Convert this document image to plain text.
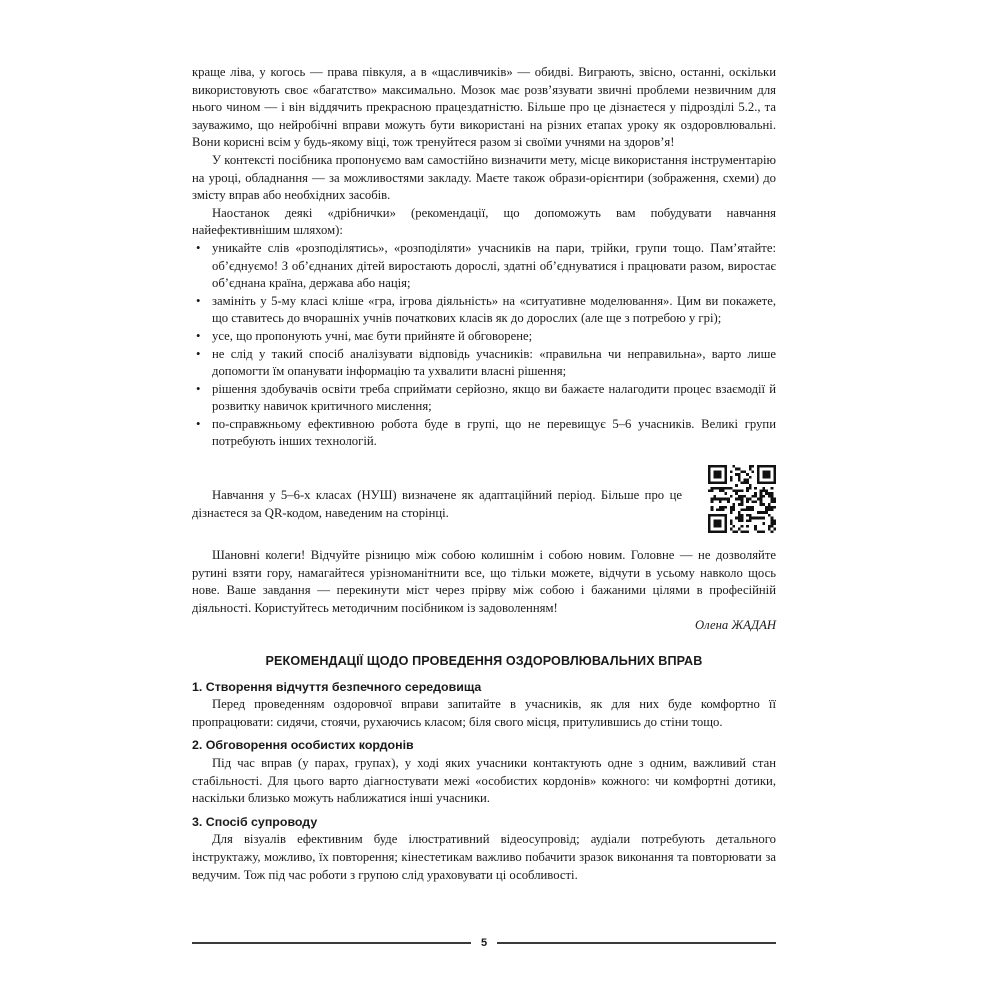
краще ліва, у когось — права півкуля, а в «щасливчиків» — обидві. Виграють, звісно, останні, оскільки використовують своє «багатство» максимально. Мозок має розв’язувати звичні проблеми незвичним для нього чином — і він віддячить прекрасною працездатністю. Більше про це дізнаєтеся у підрозділі 5.2., та зауважимо, що нейробічні вправи можуть бути використані на різних етапах уроку як оздоровлювальні. Вони корисні всім у будь-якому віці, тож тренуйтеся разом зі своїми учнями на здоров’я!

У контексті посібника пропонуємо вам самостійно визначити мету, місце використання інструментарію на уроці, обладнання — за можливостями закладу. Маєте також образи-орієнтири (зображення, схеми) до змісту вправ або необхідних засобів.

Наостанок деякі «дрібнички» (рекомендації, що допоможуть вам побудувати навчання найефективнішим шляхом):

• уникайте слів «розподілятись», «розподіляти» учасників на пари, трійки, групи тощо. Пам’ятайте: об’єднуємо! З об’єднаних дітей виростають дорослі, здатні об’єднуватися і працювати разом, виростає об’єднана країна, держава або нація;
• замініть у 5-му класі кліше «гра, ігрова діяльність» на «ситуативне моделювання». Цим ви покажете, що ставитесь до вчорашніх учнів початкових класів як до дорослих (але ще з потребою у грі);
• усе, що пропонують учні, має бути прийняте й обговорене;
• не слід у такий спосіб аналізувати відповідь учасників: «правильна чи неправильна», варто лише допомогти їм опанувати інформацію та ухвалити власні рішення;
• рішення здобувачів освіти треба сприймати серйозно, якщо ви бажаєте налагодити процес взаємодії й розвитку навичок критичного мислення;
• по-справжньому ефективною робота буде в групі, що не перевищує 5–6 учасників. Великі групи потребують інших технологій.

Навчання у 5–6-х класах (НУШ) визначене як адаптаційний період. Більше про це дізнаєтеся за QR-кодом, наведеним на сторінці.

Шановні колеги! Відчуйте різницю між собою колишнім і собою новим. Головне — не дозволяйте рутині взяти гору, намагайтеся урізноманітнити все, що тільки можете, відчути в усьому навколо щось нове. Ваше завдання — перекинути міст через прірву між собою і бажаними цілями в професійній діяльності. Користуйтесь методичним посібником із задоволенням!

Олена ЖАДАН

РЕКОМЕНДАЦІЇ ЩОДО ПРОВЕДЕННЯ ОЗДОРОВЛЮВАЛЬНИХ ВПРАВ
1. Створення відчуття безпечного середовища

Перед проведенням оздоровчої вправи запитайте в учасників, як для них буде комфортно її пропрацювати: сидячи, стоячи, рухаючись класом; біля свого місця, притулившись до стіни тощо.

2. Обговорення особистих кордонів

Під час вправ (у парах, групах), у ході яких учасники контактують одне з одним, важливий стан стабільності. Для цього варто діагностувати межі «особистих кордонів» кожного: чи комфортні дотики, наскільки близько можуть наближатися інші учасники.

3. Спосіб супроводу

Для візуалів ефективним буде ілюстративний відеосупровід; аудіали потребують детального інструктажу, можливо, їх повторення; кінестетикам важливо побачити зразок виконання та повторювати за ведучим. Тож під час роботи з групою слід ураховувати ці особливості.

5
